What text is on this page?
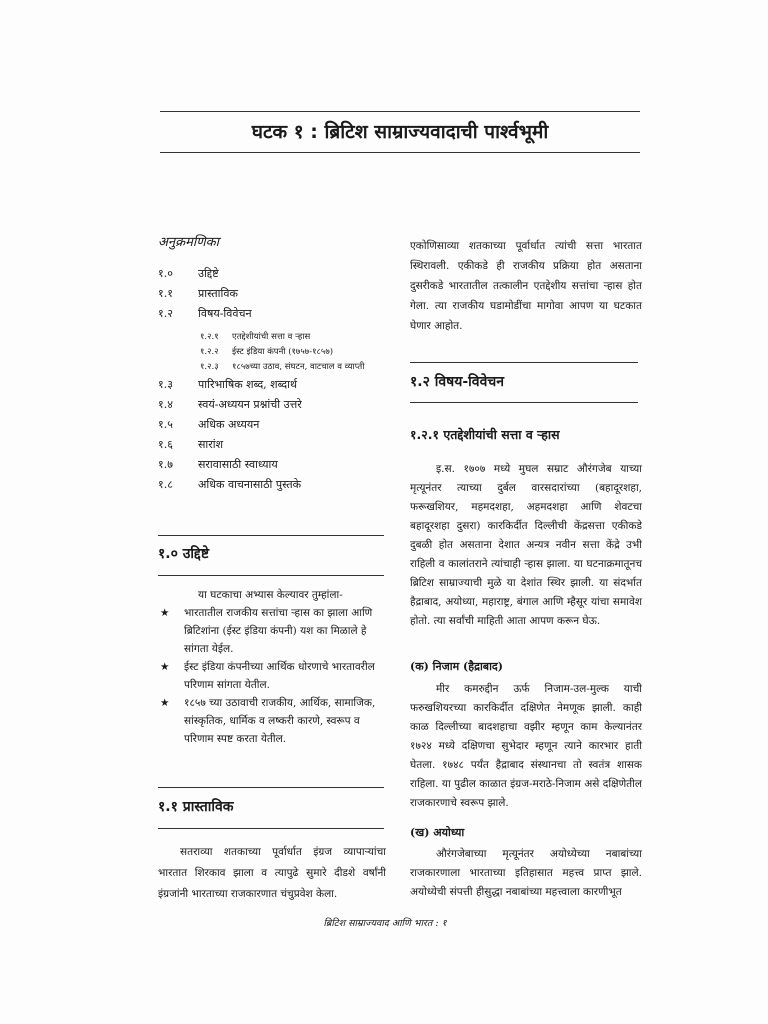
घटक १ : ब्रिटिश साम्राज्यवादाची पार्श्वभूमी
अनुक्रमणिका
१.०	उद्दिष्टे
१.१	प्रास्ताविक
१.२	विषय-विवेचन
१.२.१	एतद्देशीयांची सत्ता व ऱ्हास
१.२.२	ईस्ट इंडिया कंपनी (१७५७-१८५७)
१.२.३	१८५७च्या उठाव, संघटन, वाटचाल व व्याप्ती
१.३	पारिभाषिक शब्द, शब्दार्थ
१.४	स्वयं-अध्ययन प्रश्नांची उत्तरे
१.५	अधिक अध्ययन
१.६	सारांश
१.७	सरावासाठी स्वाध्याय
१.८	अधिक वाचनासाठी पुस्तके
१.० उद्दिष्टे
या घटकाचा अभ्यास केल्यावर तुम्हांला-
★	भारतातील राजकीय सत्तांचा ऱ्हास का झाला आणि ब्रिटिशांना (ईस्ट इंडिया कंपनी) यश का मिळाले हे सांगता येईल.
★	ईस्ट इंडिया कंपनीच्या आर्थिक धोरणाचे भारतावरील परिणाम सांगता येतील.
★	१८५७ च्या उठावाची राजकीय, आर्थिक, सामाजिक, सांस्कृतिक, धार्मिक व लष्करी कारणे, स्वरूप व परिणाम स्पष्ट करता येतील.
१.१ प्रास्ताविक

सतराव्या शतकाच्या पूर्वार्धात इंग्रज व्यापाऱ्यांचा भारतात शिरकाव झाला व त्यापुढे सुमारे दीडशे वर्षांनी इंग्रजांनी भारताच्या राजकारणात चंचुप्रवेश केला.

एकोणिसाव्या शतकाच्या पूर्वार्धात त्यांची सत्ता भारतात स्थिरावली. एकीकडे ही राजकीय प्रक्रिया होत असताना दुसरीकडे भारतातील तत्कालीन एतद्देशीय सत्तांचा ऱ्हास होत गेला. त्या राजकीय घडामोडींचा मागोवा आपण या घटकात घेणार आहोत.

१.२ विषय-विवेचन
१.२.१ एतद्देशीयांची सत्ता व ऱ्हास

इ.स. १७०७ मध्ये मुघल सम्राट औरंगजेब याच्या मृत्यूनंतर त्याच्या दुर्बल वारसदारांच्या (बहादूरशहा, फरूखशियर, महमदशहा, अहमदशहा आणि शेवटचा बहादूरशहा दुसरा) कारकिर्दीत दिल्लीची केंद्रसत्ता एकीकडे दुबळी होत असताना देशात अन्यत्र नवीन सत्ता केंद्रे उभी राहिली व कालांतराने त्यांचाही ऱ्हास झाला. या घटनाक्रमातूनच ब्रिटिश साम्राज्याची मुळे या देशांत स्थिर झाली. या संदर्भात हैद्राबाद, अयोध्या, महाराष्ट्र, बंगाल आणि म्हैसूर यांचा समावेश होतो. त्या सर्वांची माहिती आता आपण करून घेऊ.

(क) निजाम (हैद्राबाद)

मीर कमरुद्दीन ऊर्फ निजाम-उल-मुल्क याची फरुखशियरच्या कारकिर्दीत दक्षिणेत नेमणूक झाली. काही काळ दिल्लीच्या बादशहाचा वझीर म्हणून काम केल्यानंतर १७२४ मध्ये दक्षिणचा सुभेदार म्हणून त्याने कारभार हाती घेतला. १७४८ पर्यंत हैद्राबाद संस्थानचा तो स्वतंत्र शासक राहिला. या पुढील काळात इंग्रज-मराठे-निजाम असे दक्षिणेतील राजकारणाचे स्वरूप झाले.

(ख) अयोध्या

औरंगजेबाच्या मृत्यूनंतर अयोध्येच्या नबाबांच्या राजकारणाला भारताच्या इतिहासात महत्त्व प्राप्त झाले. अयोध्येची संपत्ती हीसुद्धा नबाबांच्या महत्त्वाला कारणीभूत

ब्रिटिश साम्राज्यवाद आणि भारत : १
